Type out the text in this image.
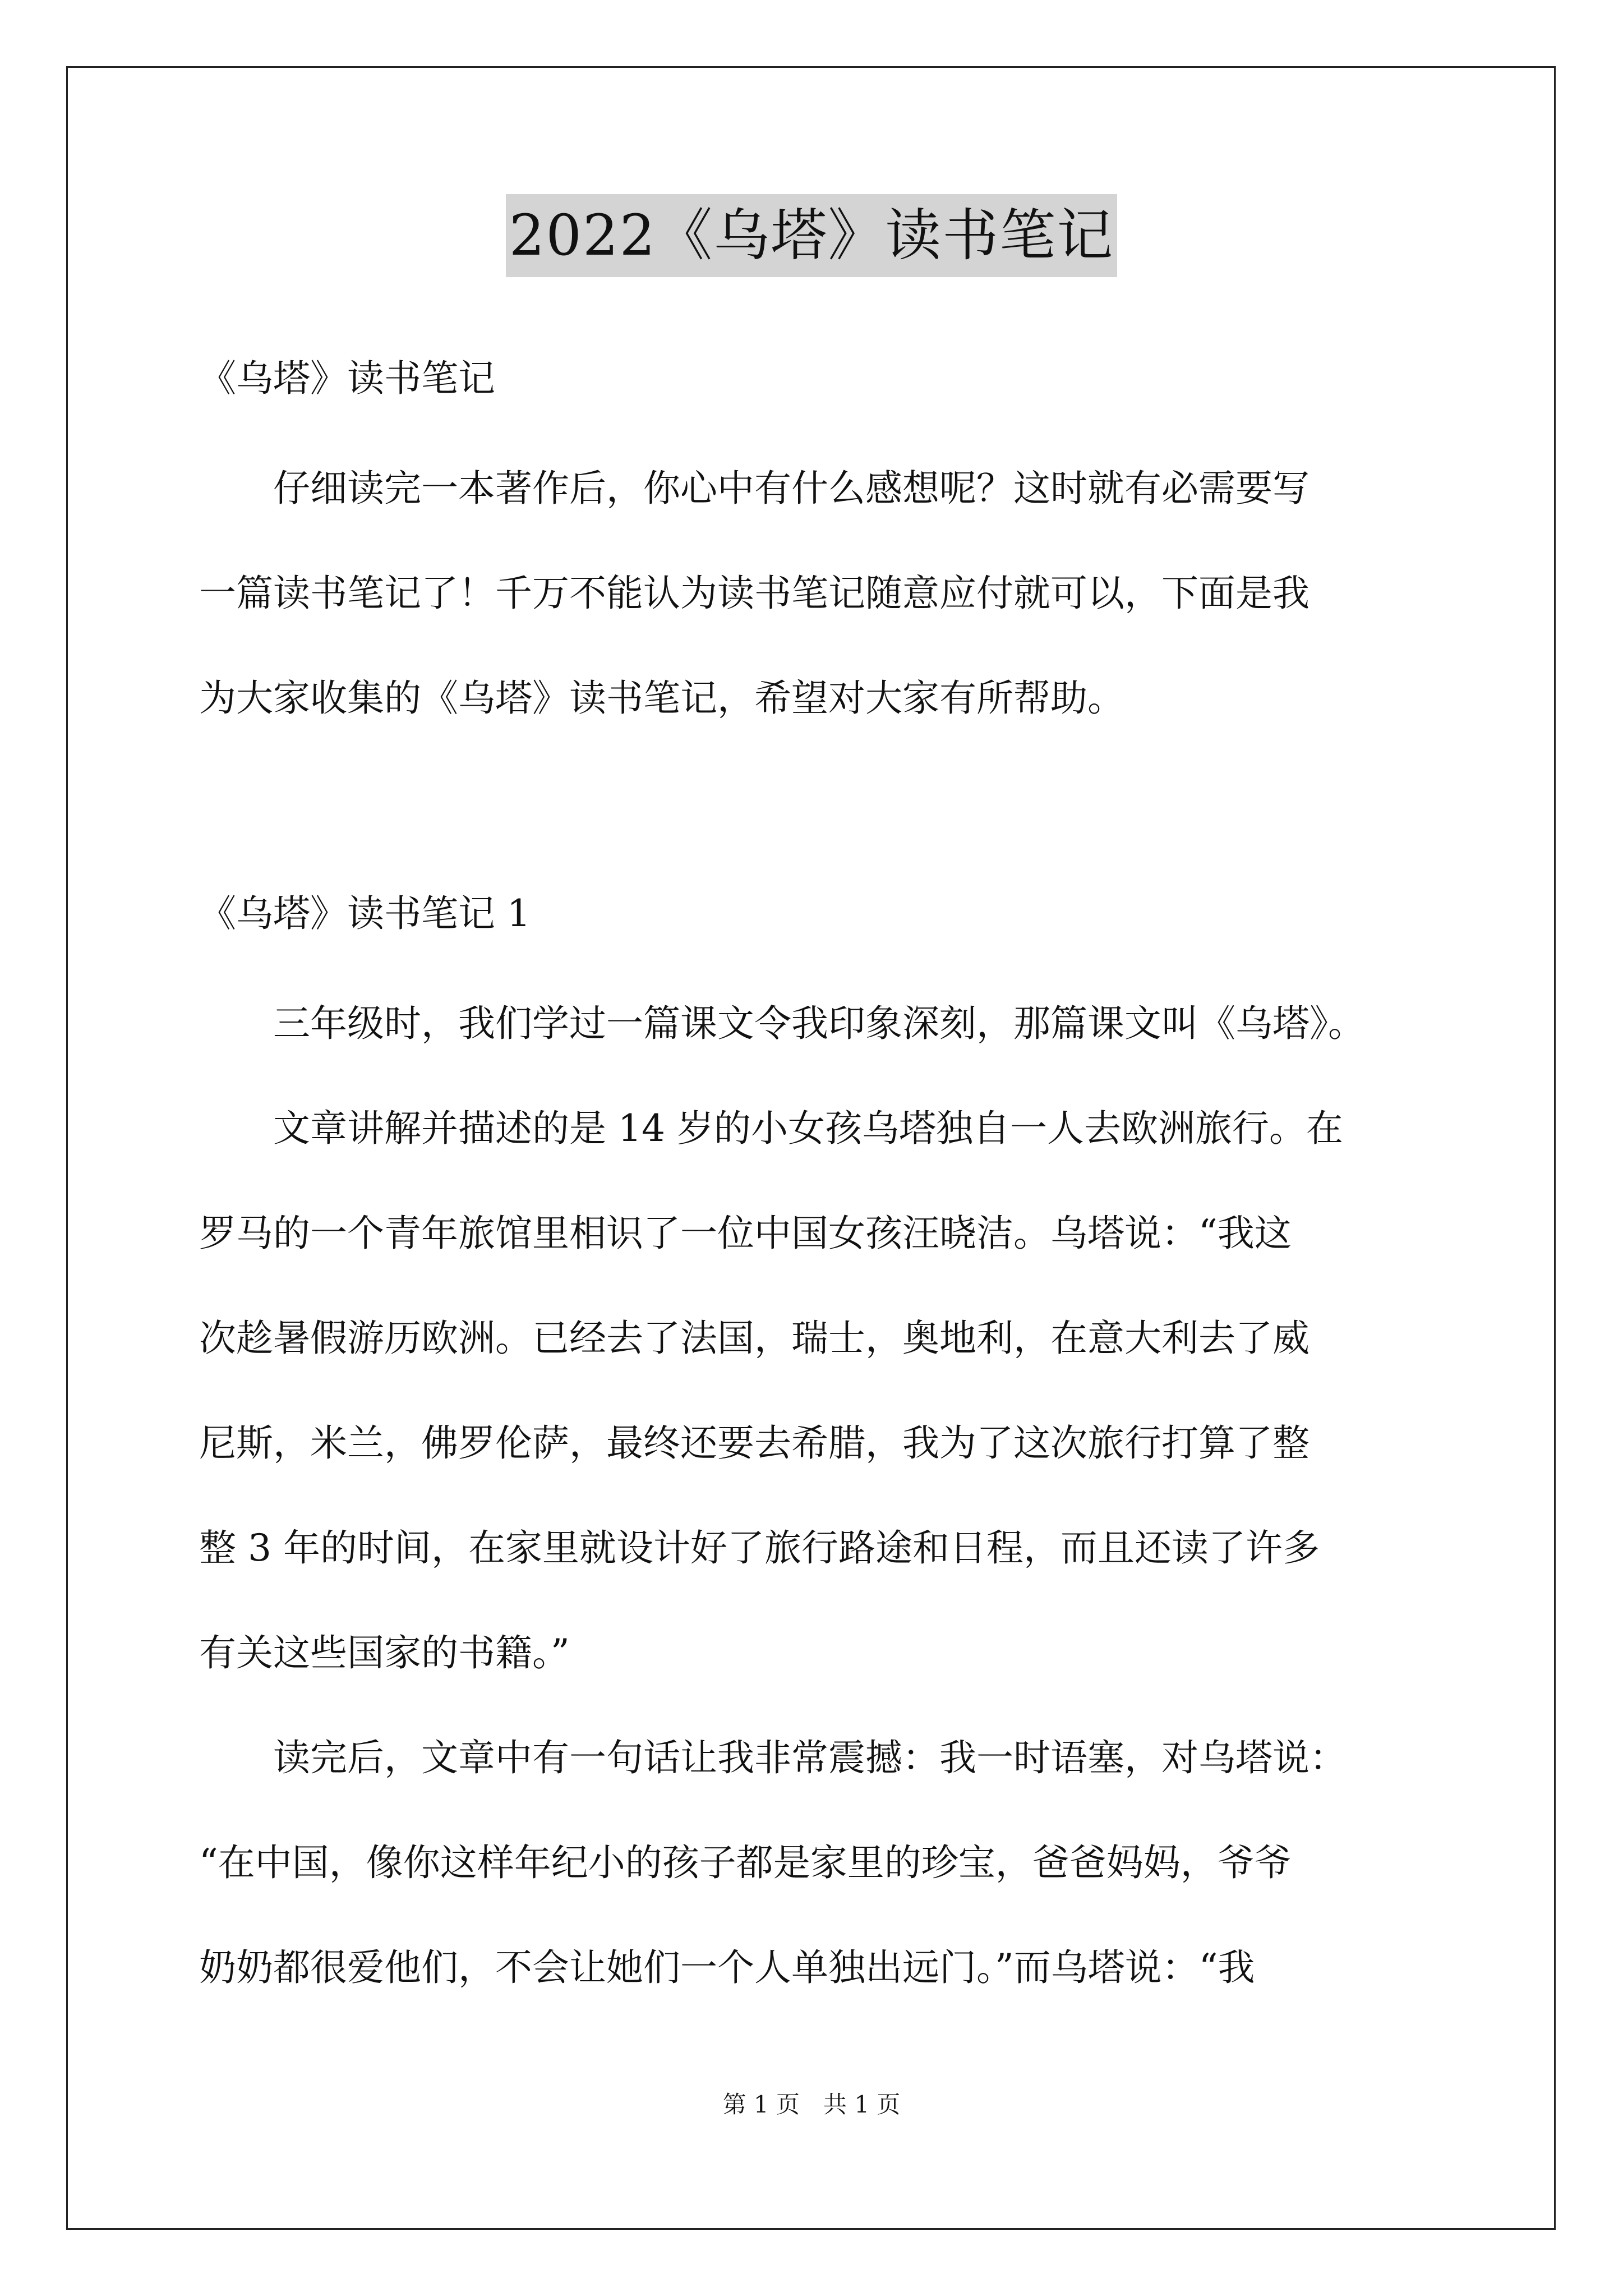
2022《乌塔》读书笔记
《乌塔》读书笔记
　　仔细读完一本著作后，你心中有什么感想呢？这时就有必需要写
一篇读书笔记了！千万不能认为读书笔记随意应付就可以，下面是我
为大家收集的《乌塔》读书笔记，希望对大家有所帮助。
《乌塔》读书笔记 1
　　三年级时，我们学过一篇课文令我印象深刻，那篇课文叫《乌塔》。
　　文章讲解并描述的是 14 岁的小女孩乌塔独自一人去欧洲旅行。在
罗马的一个青年旅馆里相识了一位中国女孩汪晓洁。乌塔说：“我这
次趁暑假游历欧洲。已经去了法国，瑞士，奥地利，在意大利去了威
尼斯，米兰，佛罗伦萨，最终还要去希腊，我为了这次旅行打算了整
整 3 年的时间，在家里就设计好了旅行路途和日程，而且还读了许多
有关这些国家的书籍。”
　　读完后，文章中有一句话让我非常震撼：我一时语塞，对乌塔说：
“在中国，像你这样年纪小的孩子都是家里的珍宝，爸爸妈妈，爷爷
奶奶都很爱他们，不会让她们一个人单独出远门。”而乌塔说：“我
第 1 页　共 1 页
